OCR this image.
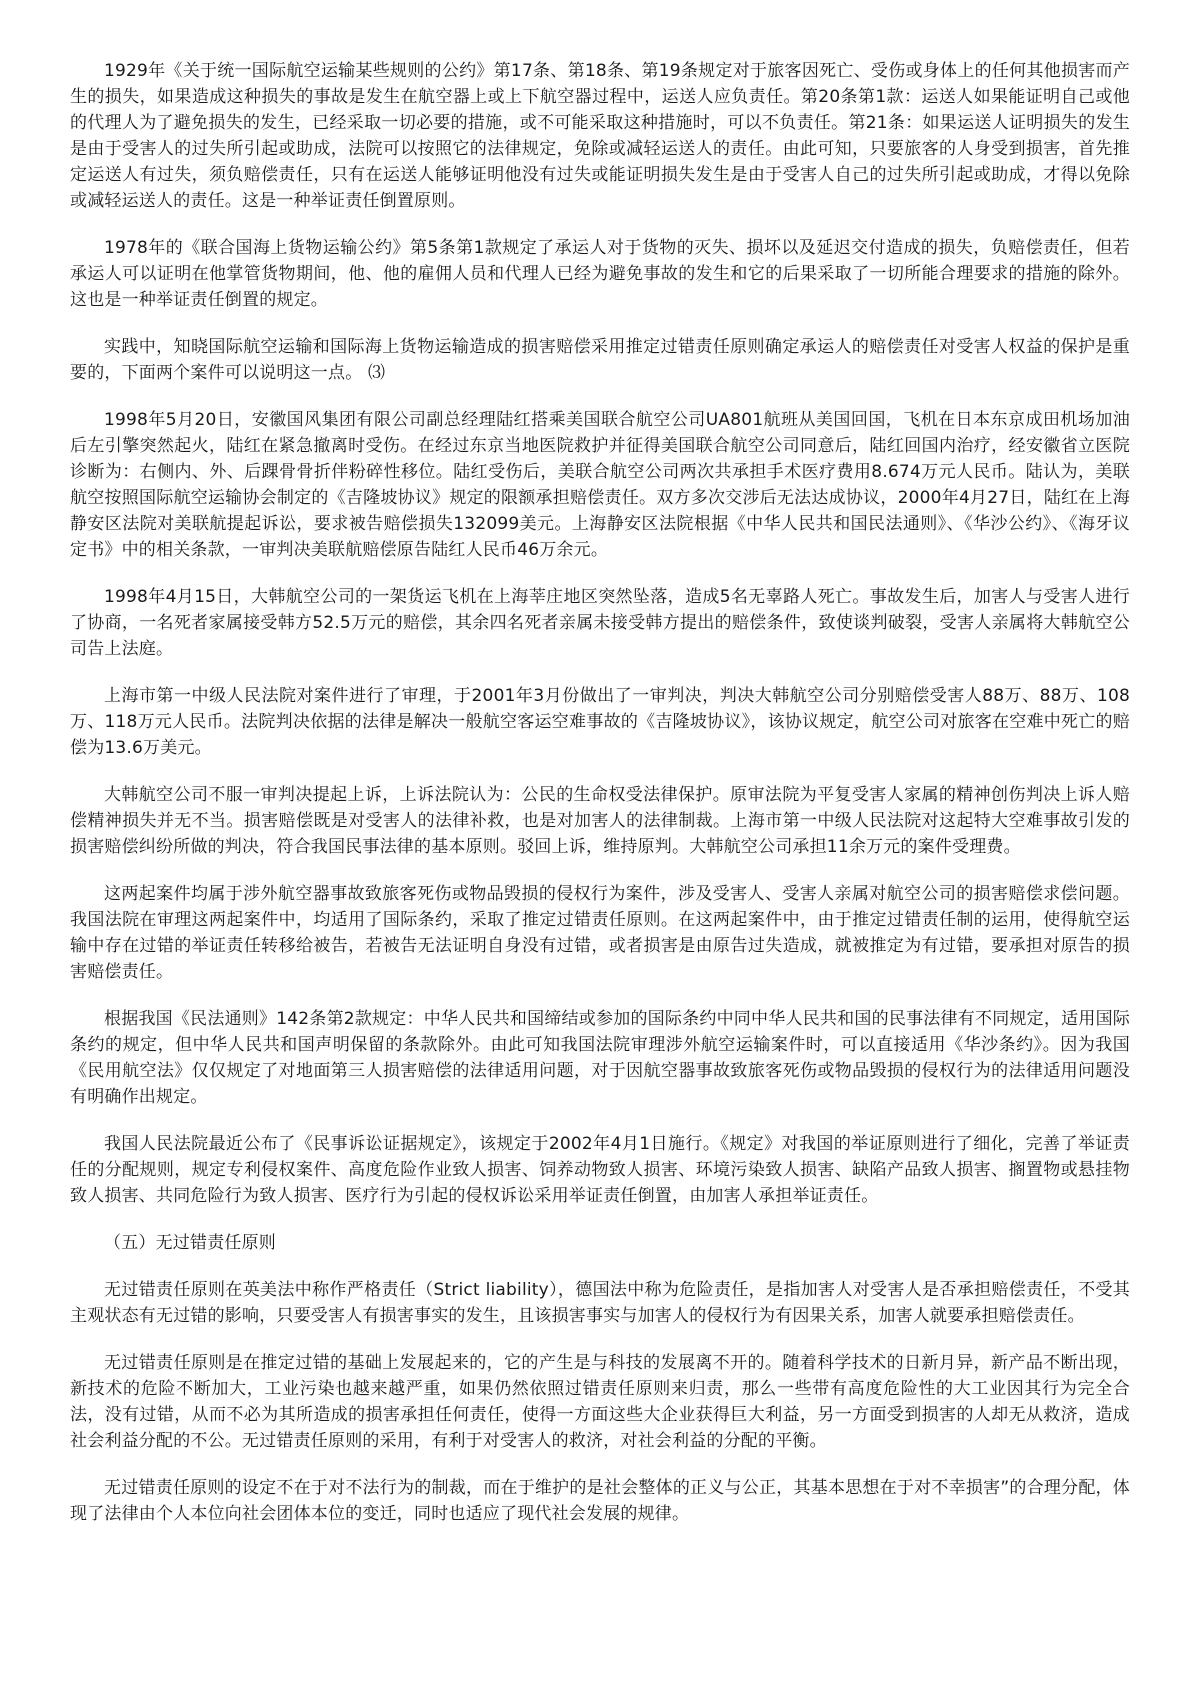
1929年《关于统一国际航空运输某些规则的公约》第17条、第18条、第19条规定对于旅客因死亡、受伤或身体上的任何其他损害而产生的损失，如果造成这种损失的事故是发生在航空器上或上下航空器过程中，运送人应负责任。第20条第1款：运送人如果能证明自己或他的代理人为了避免损失的发生，已经采取一切必要的措施，或不可能采取这种措施时，可以不负责任。第21条：如果运送人证明损失的发生是由于受害人的过失所引起或助成，法院可以按照它的法律规定，免除或减轻运送人的责任。由此可知，只要旅客的人身受到损害，首先推定运送人有过失，须负赔偿责任，只有在运送人能够证明他没有过失或能证明损失发生是由于受害人自己的过失所引起或助成，才得以免除或减轻运送人的责任。这是一种举证责任倒置原则。

1978年的《联合国海上货物运输公约》第5条第1款规定了承运人对于货物的灭失、损坏以及延迟交付造成的损失，负赔偿责任，但若承运人可以证明在他掌管货物期间，他、他的雇佣人员和代理人已经为避免事故的发生和它的后果采取了一切所能合理要求的措施的除外。这也是一种举证责任倒置的规定。

实践中，知晓国际航空运输和国际海上货物运输造成的损害赔偿采用推定过错责任原则确定承运人的赔偿责任对受害人权益的保护是重要的，下面两个案件可以说明这一点。 ⑶

1998年5月20日，安徽国风集团有限公司副总经理陆红搭乘美国联合航空公司UA801航班从美国回国，飞机在日本东京成田机场加油后左引擎突然起火，陆红在紧急撤离时受伤。在经过东京当地医院救护并征得美国联合航空公司同意后，陆红回国内治疗，经安徽省立医院诊断为：右侧内、外、后踝骨骨折伴粉碎性移位。陆红受伤后，美联合航空公司两次共承担手术医疗费用8.674万元人民币。陆认为，美联航空按照国际航空运输协会制定的《吉隆坡协议》规定的限额承担赔偿责任。双方多次交涉后无法达成协议，2000年4月27日，陆红在上海静安区法院对美联航提起诉讼，要求被告赔偿损失132099美元。上海静安区法院根据《中华人民共和国民法通则》、《华沙公约》、《海牙议定书》中的相关条款，一审判决美联航赔偿原告陆红人民币46万余元。

1998年4月15日，大韩航空公司的一架货运飞机在上海莘庄地区突然坠落，造成5名无辜路人死亡。事故发生后，加害人与受害人进行了协商，一名死者家属接受韩方52.5万元的赔偿，其余四名死者亲属未接受韩方提出的赔偿条件，致使谈判破裂，受害人亲属将大韩航空公司告上法庭。

上海市第一中级人民法院对案件进行了审理，于2001年3月份做出了一审判决，判决大韩航空公司分别赔偿受害人88万、88万、108万、118万元人民币。法院判决依据的法律是解决一般航空客运空难事故的《吉隆坡协议》，该协议规定，航空公司对旅客在空难中死亡的赔偿为13.6万美元。

大韩航空公司不服一审判决提起上诉，上诉法院认为：公民的生命权受法律保护。原审法院为平复受害人家属的精神创伤判决上诉人赔偿精神损失并无不当。损害赔偿既是对受害人的法律补救，也是对加害人的法律制裁。上海市第一中级人民法院对这起特大空难事故引发的损害赔偿纠纷所做的判决，符合我国民事法律的基本原则。驳回上诉，维持原判。大韩航空公司承担11余万元的案件受理费。

这两起案件均属于涉外航空器事故致旅客死伤或物品毁损的侵权行为案件，涉及受害人、受害人亲属对航空公司的损害赔偿求偿问题。我国法院在审理这两起案件中，均适用了国际条约，采取了推定过错责任原则。在这两起案件中，由于推定过错责任制的运用，使得航空运输中存在过错的举证责任转移给被告，若被告无法证明自身没有过错，或者损害是由原告过失造成，就被推定为有过错，要承担对原告的损害赔偿责任。

根据我国《民法通则》142条第2款规定：中华人民共和国缔结或参加的国际条约中同中华人民共和国的民事法律有不同规定，适用国际条约的规定，但中华人民共和国声明保留的条款除外。由此可知我国法院审理涉外航空运输案件时，可以直接适用《华沙条约》。因为我国《民用航空法》仅仅规定了对地面第三人损害赔偿的法律适用问题，对于因航空器事故致旅客死伤或物品毁损的侵权行为的法律适用问题没有明确作出规定。

我国人民法院最近公布了《民事诉讼证据规定》，该规定于2002年4月1日施行。《规定》对我国的举证原则进行了细化，完善了举证责任的分配规则，规定专利侵权案件、高度危险作业致人损害、饲养动物致人损害、环境污染致人损害、缺陷产品致人损害、搁置物或悬挂物致人损害、共同危险行为致人损害、医疗行为引起的侵权诉讼采用举证责任倒置，由加害人承担举证责任。

（五）无过错责任原则

无过错责任原则在英美法中称作严格责任（Strict liability），德国法中称为危险责任，是指加害人对受害人是否承担赔偿责任，不受其主观状态有无过错的影响，只要受害人有损害事实的发生，且该损害事实与加害人的侵权行为有因果关系，加害人就要承担赔偿责任。

无过错责任原则是在推定过错的基础上发展起来的，它的产生是与科技的发展离不开的。随着科学技术的日新月异，新产品不断出现，新技术的危险不断加大，工业污染也越来越严重，如果仍然依照过错责任原则来归责，那么一些带有高度危险性的大工业因其行为完全合法，没有过错，从而不必为其所造成的损害承担任何责任，使得一方面这些大企业获得巨大利益，另一方面受到损害的人却无从救济，造成社会利益分配的不公。无过错责任原则的采用，有利于对受害人的救济，对社会利益的分配的平衡。

无过错责任原则的设定不在于对不法行为的制裁，而在于维护的是社会整体的正义与公正，其基本思想在于对不幸损害”的合理分配，体现了法律由个人本位向社会团体本位的变迁，同时也适应了现代社会发展的规律。
